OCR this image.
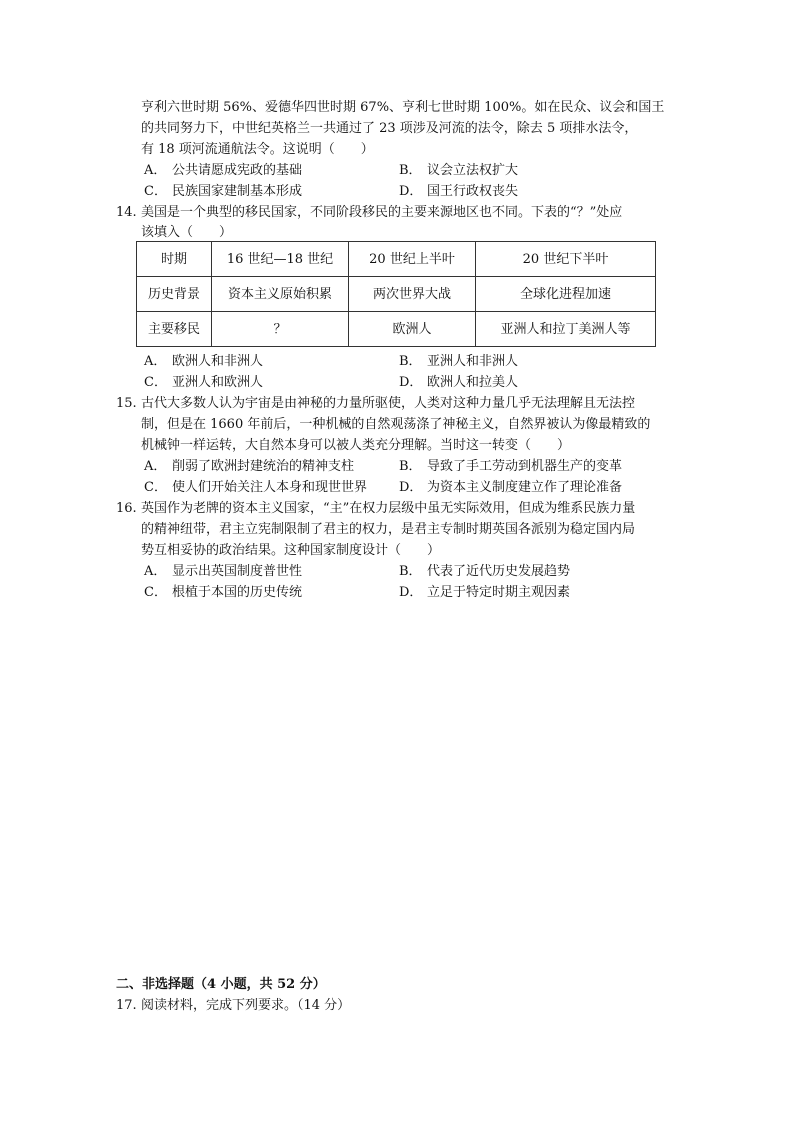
亨利六世时期 56%、爱德华四世时期 67%、亨利七世时期 100%。如在民众、议会和国王

的共同努力下，中世纪英格兰一共通过了 23 项涉及河流的法令，除去 5 项排水法令，

有 18 项河流通航法令。这说明（　　）

A． 公共请愿成宪政的基础	B． 议会立法权扩大
C． 民族国家建制基本形成	D． 国王行政权丧失

14. 美国是一个典型的移民国家，不同阶段移民的主要来源地区也不同。下表的“？”处应

该填入（　　）

时期	16 世纪—18 世纪	20 世纪上半叶	20 世纪下半叶
历史背景	资本主义原始积累	两次世界大战	全球化进程加速
主要移民	？	欧洲人	亚洲人和拉丁美洲人等
A． 欧洲人和非洲人	B． 亚洲人和非洲人
C． 亚洲人和欧洲人	D． 欧洲人和拉美人

15. 古代大多数人认为宇宙是由神秘的力量所驱使，人类对这种力量几乎无法理解且无法控

制，但是在 1660 年前后，一种机械的自然观荡涤了神秘主义，自然界被认为像最精致的

机械钟一样运转，大自然本身可以被人类充分理解。当时这一转变（　　）

A． 削弱了欧洲封建统治的精神支柱	B． 导致了手工劳动到机器生产的变革
C． 使人们开始关注人本身和现世世界 D． 为资本主义制度建立作了理论准备

16. 英国作为老牌的资本主义国家，“主”在权力层级中虽无实际效用，但成为维系民族力量

的精神纽带，君主立宪制限制了君主的权力，是君主专制时期英国各派别为稳定国内局

势互相妥协的政治结果。这种国家制度设计（　　）

A． 显示出英国制度普世性	B． 代表了近代历史发展趋势
C． 根植于本国的历史传统	D． 立足于特定时期主观因素

二、非选择题（4 小题，共 52 分）

17. 阅读材料，完成下列要求。（14 分）
